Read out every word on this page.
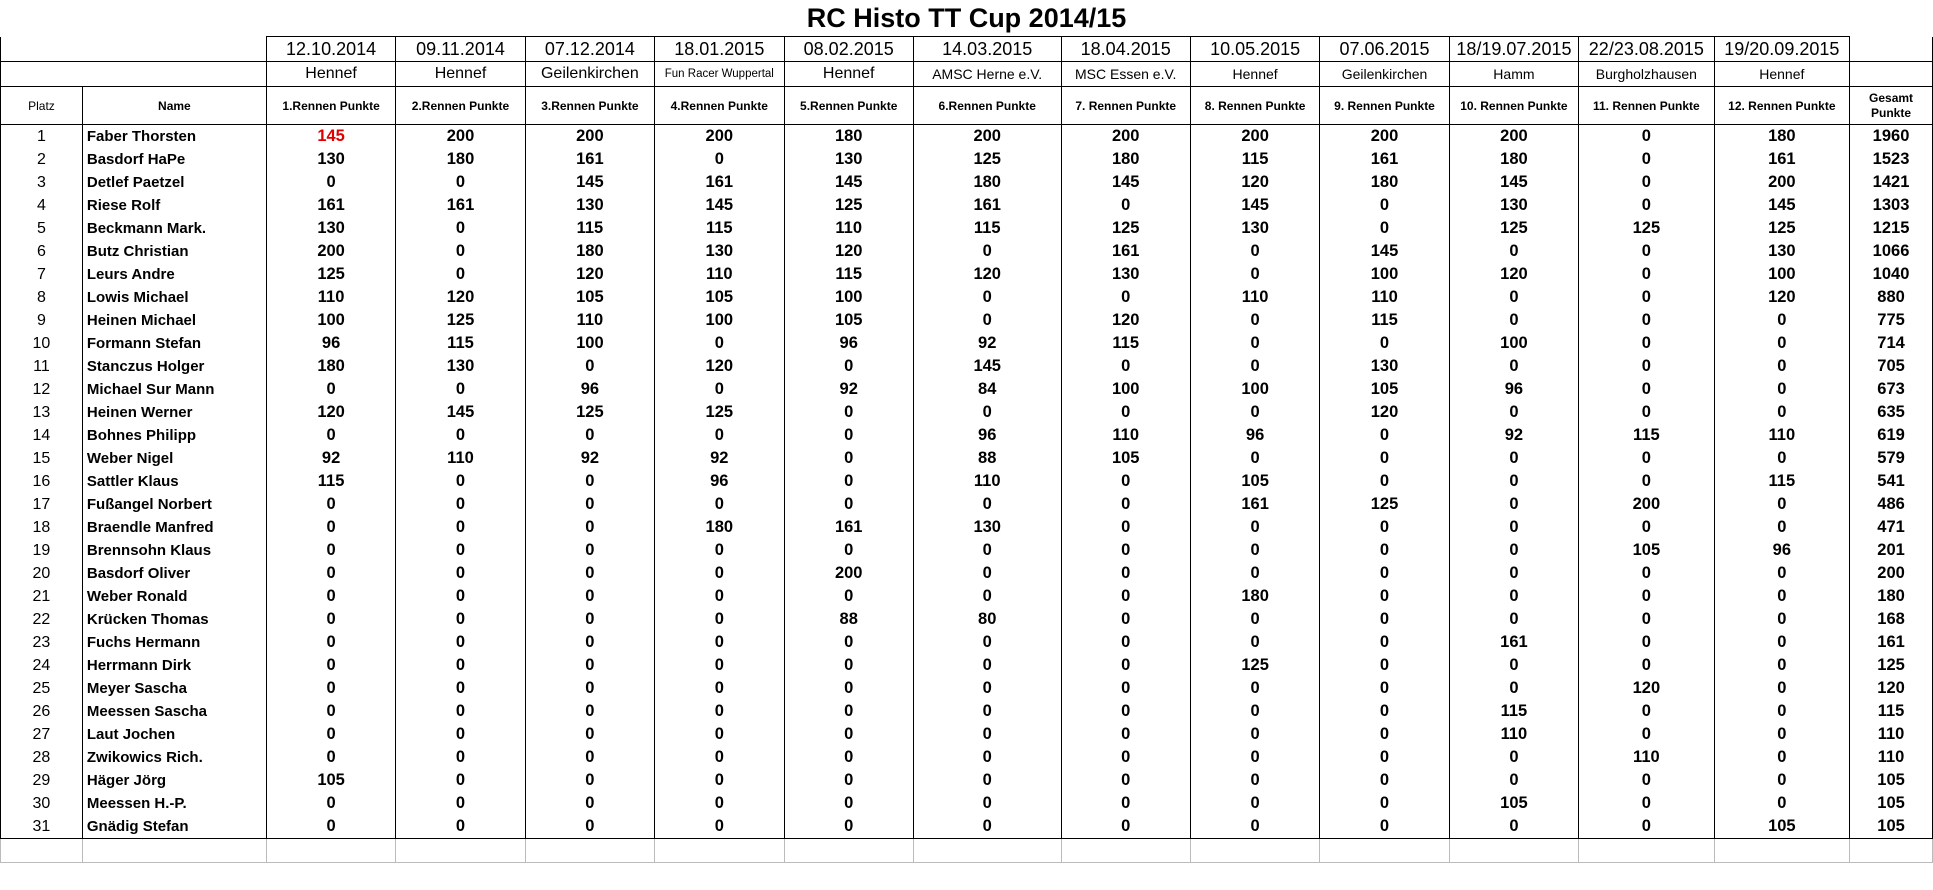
RC Histo TT Cup 2014/15
		12.10.2014	09.11.2014	07.12.2014	18.01.2015	08.02.2015	14.03.2015	18.04.2015	10.05.2015	07.06.2015	18/19.07.2015	22/23.08.2015	19/20.09.2015	
		Hennef	Hennef	Geilenkirchen	Fun Racer Wuppertal	Hennef	AMSC Herne e.V.	MSC Essen e.V.	Hennef	Geilenkirchen	Hamm	Burgholzhausen	Hennef	
Platz	Name	1.Rennen Punkte	2.Rennen Punkte	3.Rennen Punkte	4.Rennen Punkte	5.Rennen Punkte	6.Rennen Punkte	7. Rennen Punkte	8. Rennen Punkte	9. Rennen Punkte	10. Rennen Punkte	11. Rennen Punkte	12. Rennen Punkte	Gesamt Punkte
1	Faber Thorsten	145	200	200	200	180	200	200	200	200	200	0	180	1960
2	Basdorf HaPe	130	180	161	0	130	125	180	115	161	180	0	161	1523
3	Detlef Paetzel	0	0	145	161	145	180	145	120	180	145	0	200	1421
4	Riese Rolf	161	161	130	145	125	161	0	145	0	130	0	145	1303
5	Beckmann Mark.	130	0	115	115	110	115	125	130	0	125	125	125	1215
6	Butz Christian	200	0	180	130	120	0	161	0	145	0	0	130	1066
7	Leurs Andre	125	0	120	110	115	120	130	0	100	120	0	100	1040
8	Lowis Michael	110	120	105	105	100	0	0	110	110	0	0	120	880
9	Heinen Michael	100	125	110	100	105	0	120	0	115	0	0	0	775
10	Formann Stefan	96	115	100	0	96	92	115	0	0	100	0	0	714
11	Stanczus Holger	180	130	0	120	0	145	0	0	130	0	0	0	705
12	Michael Sur Mann	0	0	96	0	92	84	100	100	105	96	0	0	673
13	Heinen Werner	120	145	125	125	0	0	0	0	120	0	0	0	635
14	Bohnes Philipp	0	0	0	0	0	96	110	96	0	92	115	110	619
15	Weber Nigel	92	110	92	92	0	88	105	0	0	0	0	0	579
16	Sattler Klaus	115	0	0	96	0	110	0	105	0	0	0	115	541
17	Fußangel Norbert	0	0	0	0	0	0	0	161	125	0	200	0	486
18	Braendle Manfred	0	0	0	180	161	130	0	0	0	0	0	0	471
19	Brennsohn Klaus	0	0	0	0	0	0	0	0	0	0	105	96	201
20	Basdorf Oliver	0	0	0	0	200	0	0	0	0	0	0	0	200
21	Weber Ronald	0	0	0	0	0	0	0	180	0	0	0	0	180
22	Krücken Thomas	0	0	0	0	88	80	0	0	0	0	0	0	168
23	Fuchs Hermann	0	0	0	0	0	0	0	0	0	161	0	0	161
24	Herrmann Dirk	0	0	0	0	0	0	0	125	0	0	0	0	125
25	Meyer Sascha	0	0	0	0	0	0	0	0	0	0	120	0	120
26	Meessen Sascha	0	0	0	0	0	0	0	0	0	115	0	0	115
27	Laut Jochen	0	0	0	0	0	0	0	0	0	110	0	0	110
28	Zwikowics Rich.	0	0	0	0	0	0	0	0	0	0	110	0	110
29	Häger Jörg	105	0	0	0	0	0	0	0	0	0	0	0	105
30	Meessen H.-P.	0	0	0	0	0	0	0	0	0	105	0	0	105
31	Gnädig Stefan	0	0	0	0	0	0	0	0	0	0	0	105	105
